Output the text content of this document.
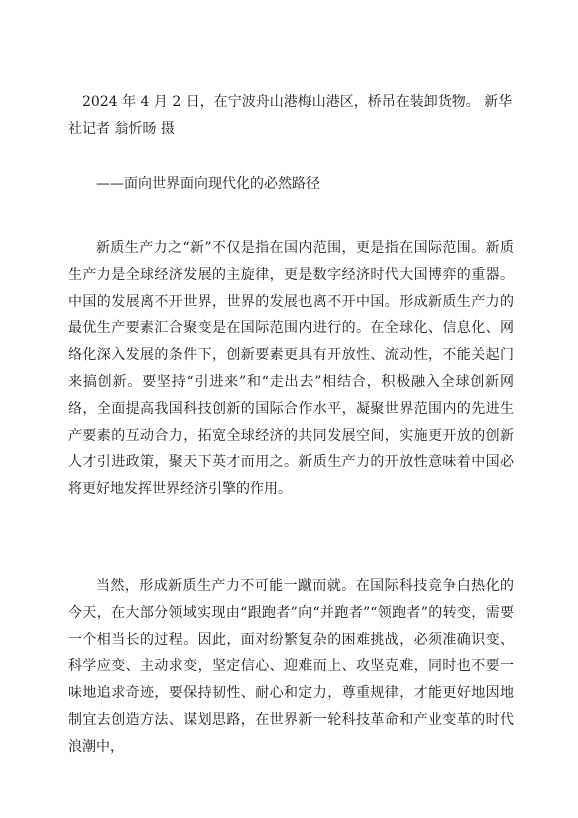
2024 年 4 月 2 日，在宁波舟山港梅山港区，桥吊在装卸货物。 新华社记者 翁忻旸 摄

——面向世界面向现代化的必然路径

新质生产力之“新”不仅是指在国内范围，更是指在国际范围。新质生产力是全球经济发展的主旋律，更是数字经济时代大国博弈的重器。中国的发展离不开世界，世界的发展也离不开中国。形成新质生产力的最优生产要素汇合聚变是在国际范围内进行的。在全球化、信息化、网络化深入发展的条件下，创新要素更具有开放性、流动性，不能关起门来搞创新。要坚持“引进来”和“走出去”相结合，积极融入全球创新网络，全面提高我国科技创新的国际合作水平，凝聚世界范围内的先进生产要素的互动合力，拓宽全球经济的共同发展空间，实施更开放的创新人才引进政策，聚天下英才而用之。新质生产力的开放性意味着中国必将更好地发挥世界经济引擎的作用。

当然，形成新质生产力不可能一蹴而就。在国际科技竞争白热化的今天，在大部分领域实现由“跟跑者”向“并跑者”“领跑者”的转变，需要一个相当长的过程。因此，面对纷繁复杂的困难挑战，必须准确识变、科学应变、主动求变，坚定信心、迎难而上、攻坚克难，同时也不要一味地追求奇迹，要保持韧性、耐心和定力，尊重规律，才能更好地因地制宜去创造方法、谋划思路，在世界新一轮科技革命和产业变革的时代浪潮中，
